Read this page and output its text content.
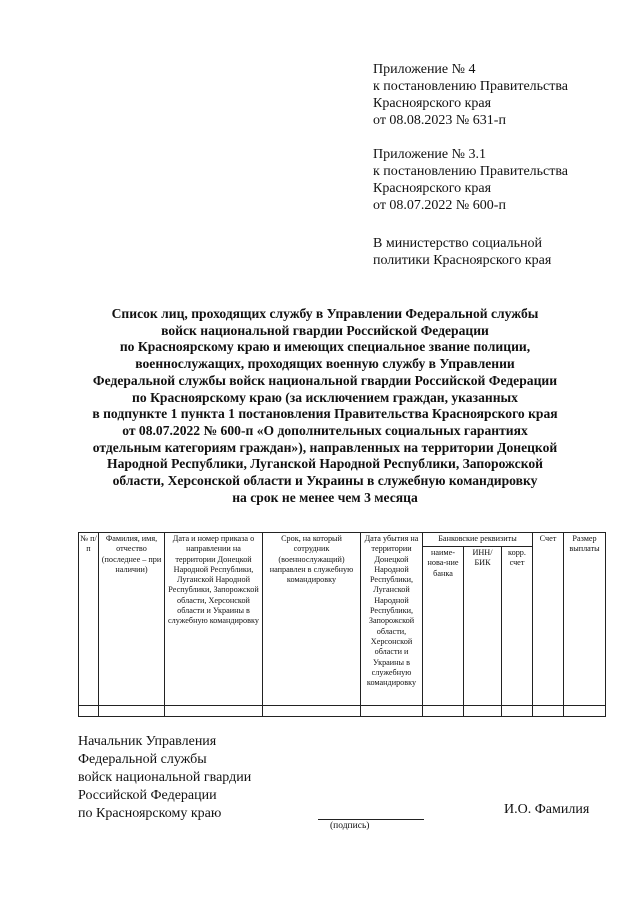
Приложение № 4
к постановлению Правительства
Красноярского края
от 08.08.2023 № 631-п
Приложение № 3.1
к постановлению Правительства
Красноярского края
от 08.07.2022 № 600-п
В министерство социальной
политики Красноярского края
Список лиц, проходящих службу в Управлении Федеральной службы
войск национальной гвардии Российской Федерации
по Красноярскому краю и имеющих специальное звание полиции,
военнослужащих, проходящих военную службу в Управлении
Федеральной службы войск национальной гвардии Российской Федерации
по Красноярскому краю (за исключением граждан, указанных
в подпункте 1 пункта 1 постановления Правительства Красноярского края
от 08.07.2022 № 600-п «О дополнительных социальных гарантиях
отдельным категориям граждан»), направленных на территории Донецкой
Народной Республики, Луганской Народной Республики, Запорожской
области, Херсонской области и Украины в служебную командировку
на срок не менее чем 3 месяца
№ п/п	Фамилия, имя, отчество (последнее – при наличии)	Дата и номер приказа о направлении на территории Донецкой Народной Республики, Луганской Народной Республики, Запорожской области, Херсонской области и Украины в служебную командировку	Срок, на который сотрудник (военнослужащий) направлен в служебную командировку	Дата убытия на территории Донецкой Народной Республики, Луганской Народной Республики, Запорожской области, Херсонской области и Украины в служебную командировку	Банковские реквизиты			Счет	Размер выплаты
					наиме-нова-ние банка	ИНН/ БИК	корр. счет		

Начальник Управления
Федеральной службы
войск национальной гвардии
Российской Федерации
по Красноярскому краю
(подпись)
И.О. Фамилия
